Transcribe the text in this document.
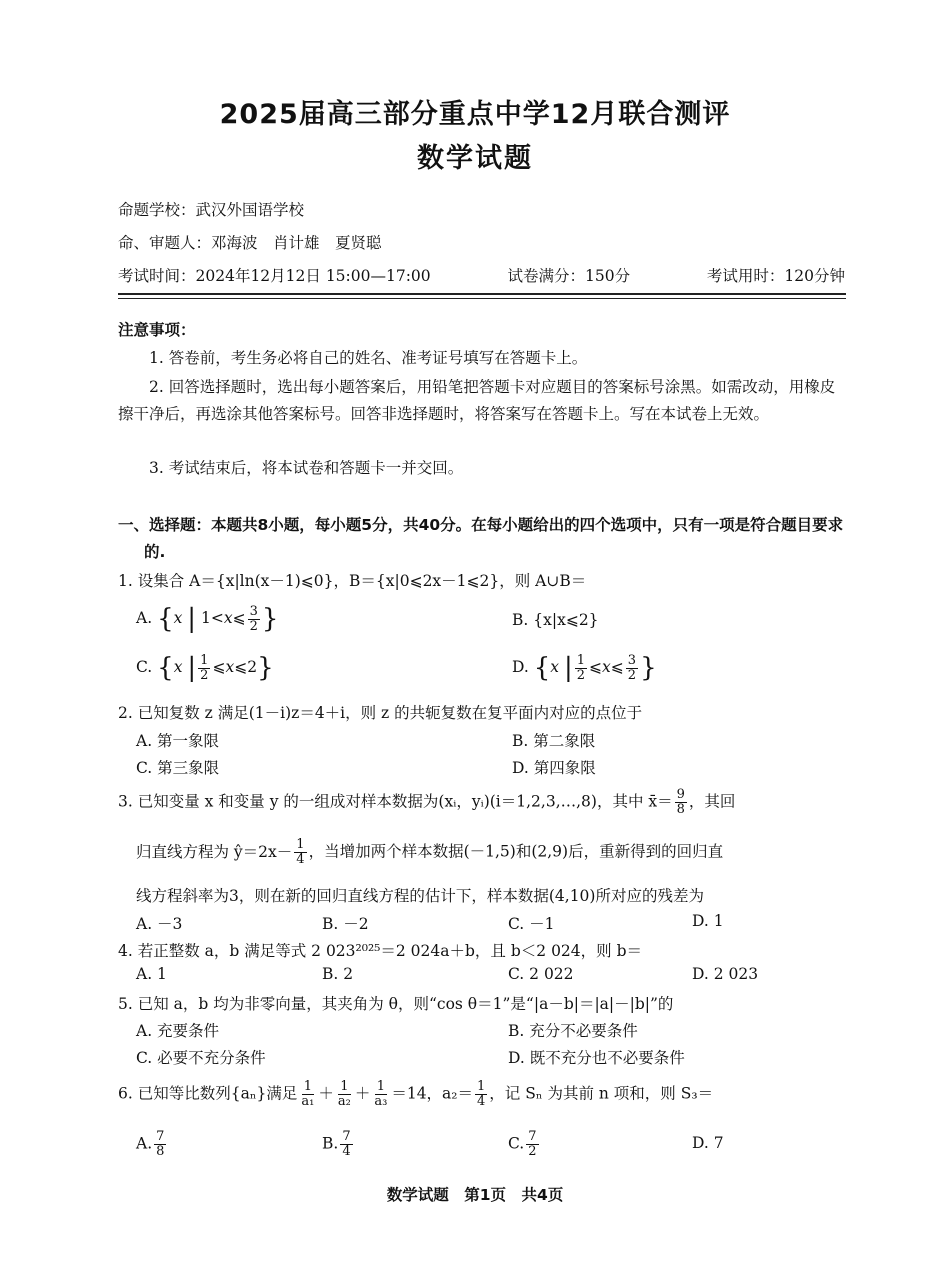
2025届高三部分重点中学12月联合测评
数学试题
命题学校：武汉外国语学校
命、审题人：邓海波　肖计雄　夏贤聪
考试时间：2024年12月12日 15:00—17:00	试卷满分：150分	考试用时：120分钟
注意事项：
1. 答卷前，考生务必将自己的姓名、准考证号填写在答题卡上。
2. 回答选择题时，选出每小题答案后，用铅笔把答题卡对应题目的答案标号涂黑。如需改动，用橡皮擦干净后，再选涂其他答案标号。回答非选择题时，将答案写在答题卡上。写在本试卷上无效。
3. 考试结束后，将本试卷和答题卡一并交回。
一、选择题：本题共8小题，每小题5分，共40分。在每小题给出的四个选项中，只有一项是符合题目要求的.
1. 设集合 A＝{x|ln(x－1)⩽0}，B＝{x|0⩽2x－1⩽2}，则 A∪B＝
A. {x | 1<x⩽ $\frac{3}{2}$ }	B. {x|x⩽2}
C. {x | $\frac{1}{2}$ ⩽x⩽2}	D. {x | $\frac{1}{2}$ ⩽x⩽ $\frac{3}{2}$ }
2. 已知复数 z 满足(1－i)z＝4＋i，则 z 的共轭复数在复平面内对应的点位于
A. 第一象限	B. 第二象限
C. 第三象限	D. 第四象限
3. 已知变量 x 和变量 y 的一组成对样本数据为(xᵢ，yᵢ)(i＝1,2,3,…,8)，其中 x̄＝ $\frac{9}{8}$ ，其回
归直线方程为 ŷ＝2x－ $\frac{1}{4}$ ，当增加两个样本数据(－1,5)和(2,9)后，重新得到的回归直
线方程斜率为3，则在新的回归直线方程的估计下，样本数据(4,10)所对应的残差为
A. －3	B. －2	C. －1	D. 1
4. 若正整数 a，b 满足等式 2 023²⁰²⁵＝2 024a＋b，且 b＜2 024，则 b＝
A. 1	B. 2	C. 2 022	D. 2 023
5. 已知 a，b 均为非零向量，其夹角为 θ，则“cos θ＝1”是“|a－b|＝|a|－|b|”的
A. 充要条件	B. 充分不必要条件
C. 必要不充分条件	D. 既不充分也不必要条件
6. 已知等比数列{aₙ}满足 $\frac{1}{\text{a₁}} + \frac{1}{\text{a₂}} + \frac{1}{\text{a₃}} =14$，$a_2= \frac{1}{4}$ ，记 Sₙ 为其前 n 项和，则 S₃＝
A. $\frac{7}{8}$	B. $\frac{7}{4}$	C. $\frac{7}{2}$	D. 7
数学试题　第1页　共4页
